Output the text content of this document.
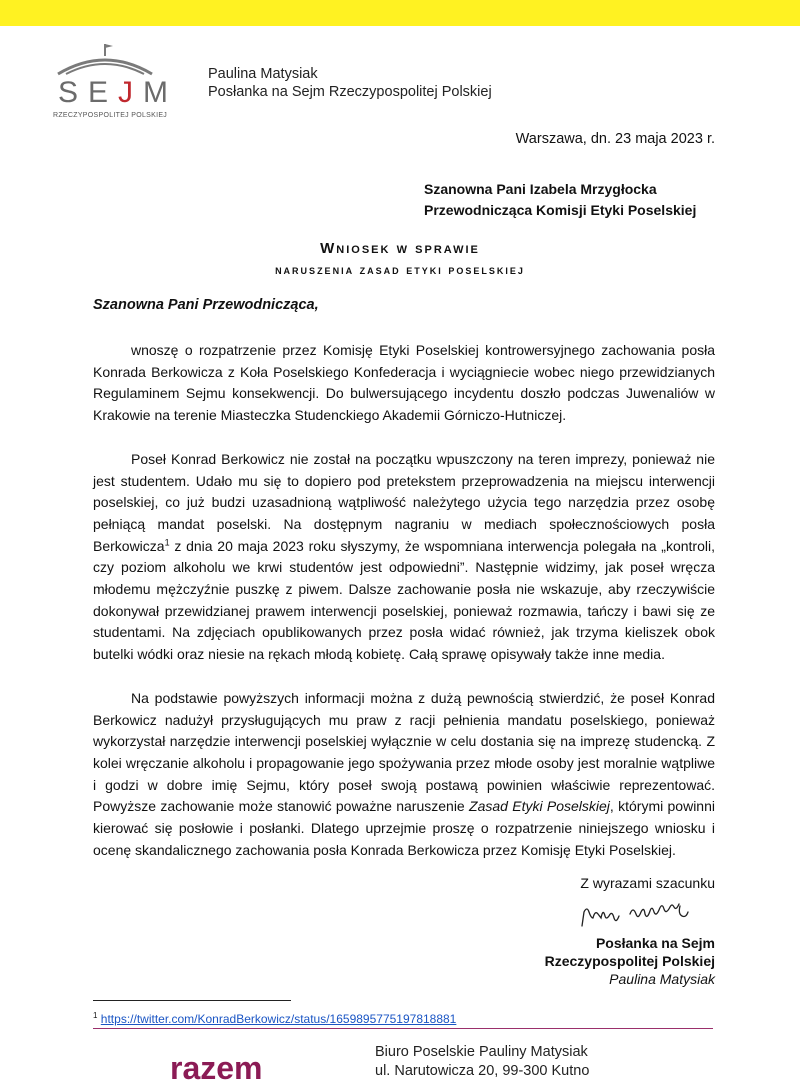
SEJM
RZECZYPOSPOLITEJ POLSKIEJ
Paulina Matysiak
Posłanka na Sejm Rzeczypospolitej Polskiej
Warszawa, dn. 23 maja 2023 r.
Szanowna Pani Izabela Mrzygłocka
Przewodnicząca Komisji Etyki Poselskiej
Wniosek w sprawie
naruszenia zasad etyki poselskiej
Szanowna Pani Przewodnicząca,

wnoszę o rozpatrzenie przez Komisję Etyki Poselskiej kontrowersyjnego zachowania posła Konrada Berkowicza z Koła Poselskiego Konfederacja i wyciągniecie wobec niego przewidzianych Regulaminem Sejmu konsekwencji. Do bulwersującego incydentu doszło podczas Juwenaliów w Krakowie na terenie Miasteczka Studenckiego Akademii Górniczo-Hutniczej.

Poseł Konrad Berkowicz nie został na początku wpuszczony na teren imprezy, ponieważ nie jest studentem. Udało mu się to dopiero pod pretekstem przeprowadzenia na miejscu interwencji poselskiej, co już budzi uzasadnioną wątpliwość należytego użycia tego narzędzia przez osobę pełniącą mandat poselski. Na dostępnym nagraniu w mediach społecznościowych posła Berkowicza$^1$ z dnia 20 maja 2023 roku słyszymy, że wspomniana interwencja polegała na „kontroli, czy poziom alkoholu we krwi studentów jest odpowiedni”. Następnie widzimy, jak poseł wręcza młodemu mężczyźnie puszkę z piwem. Dalsze zachowanie posła nie wskazuje, aby rzeczywiście dokonywał przewidzianej prawem interwencji poselskiej, ponieważ rozmawia, tańczy i bawi się ze studentami. Na zdjęciach opublikowanych przez posła widać również, jak trzyma kieliszek obok butelki wódki oraz niesie na rękach młodą kobietę. Całą sprawę opisywały także inne media.

Na podstawie powyższych informacji można z dużą pewnością stwierdzić, że poseł Konrad Berkowicz nadużył przysługujących mu praw z racji pełnienia mandatu poselskiego, ponieważ wykorzystał narzędzie interwencji poselskiej wyłącznie w celu dostania się na imprezę studencką. Z kolei wręczanie alkoholu i propagowanie jego spożywania przez młode osoby jest moralnie wątpliwe i godzi w dobre imię Sejmu, który poseł swoją postawą powinien właściwie reprezentować. Powyższe zachowanie może stanowić poważne naruszenie Zasad Etyki Poselskiej, którymi powinni kierować się posłowie i posłanki. Dlatego uprzejmie proszę o rozpatrzenie niniejszego wniosku i ocenę skandalicznego zachowania posła Konrada Berkowicza przez Komisję Etyki Poselskiej.

Z wyrazami szacunku
Posłanka na Sejm
Rzeczypospolitej Polskiej
Paulina Matysiak
$^1$ https://twitter.com/KonradBerkowicz/status/1659895775197818881
razem	Biuro Poselskie Pauliny Matysiak
ul. Narutowicza 20, 99-300 Kutno
